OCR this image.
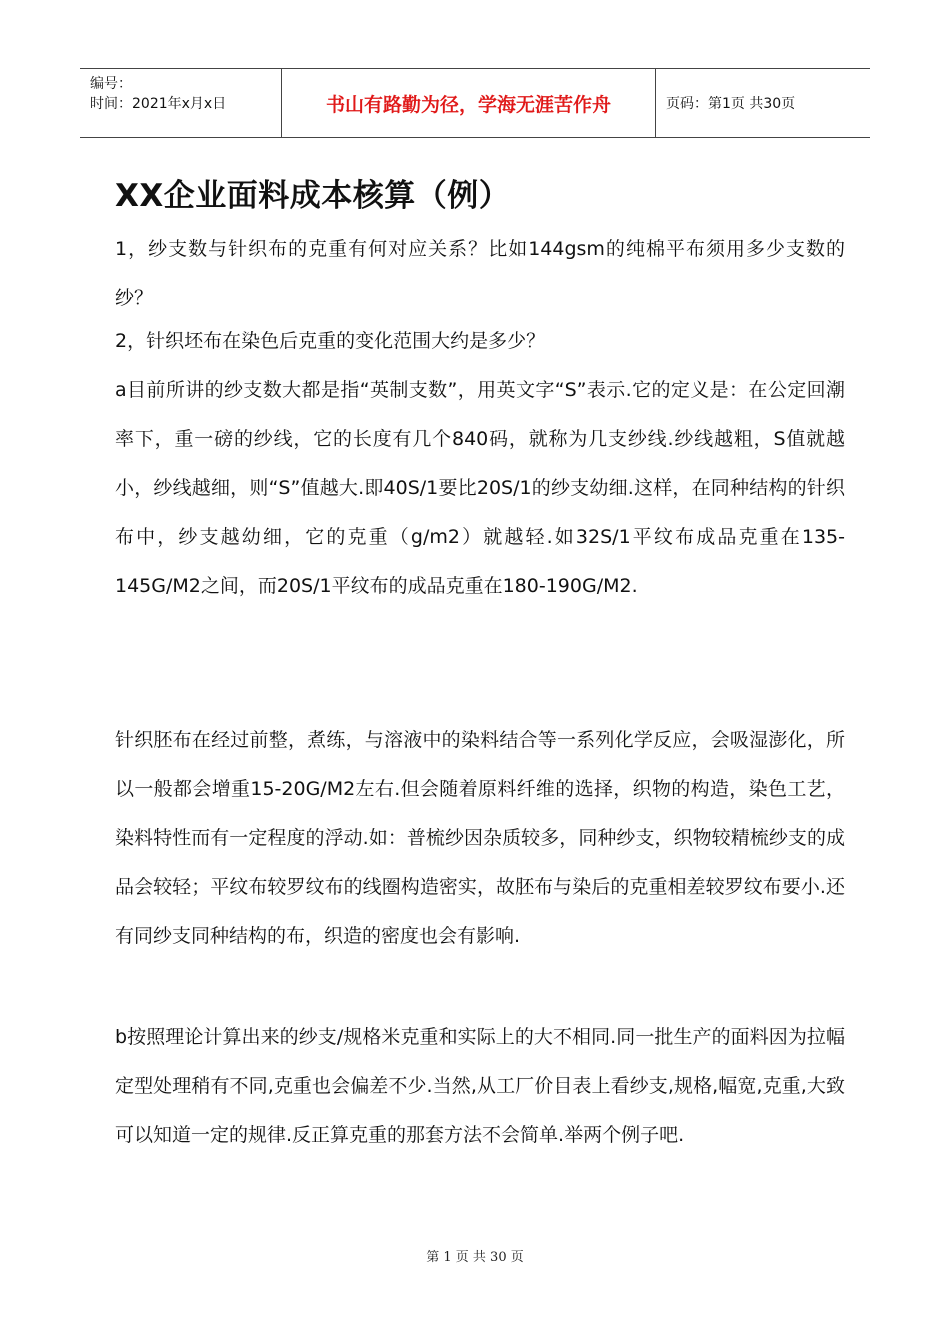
编号：
时间：2021年x月x日	书山有路勤为径，学海无涯苦作舟	页码：第1页 共30页
XX企业面料成本核算（例）

1，纱支数与针织布的克重有何对应关系？比如144gsm的纯棉平布须用多少支数的纱？

2，针织坯布在染色后克重的变化范围大约是多少？

a目前所讲的纱支数大都是指“英制支数”，用英文字“S”表示.它的定义是：在公定回潮率下，重一磅的纱线，它的长度有几个840码，就称为几支纱线.纱线越粗，S值就越小，纱线越细，则“S”值越大.即40S/1要比20S/1的纱支幼细.这样，在同种结构的针织布中，纱支越幼细，它的克重（g/m2）就越轻.如32S/1平纹布成品克重在135-145G/M2之间，而20S/1平纹布的成品克重在180-190G/M2.

针织胚布在经过前整，煮练，与溶液中的染料结合等一系列化学反应，会吸湿澎化，所以一般都会增重15-20G/M2左右.但会随着原料纤维的选择，织物的构造，染色工艺，染料特性而有一定程度的浮动.如：普梳纱因杂质较多，同种纱支，织物较精梳纱支的成品会较轻；平纹布较罗纹布的线圈构造密实，故胚布与染后的克重相差较罗纹布要小.还有同纱支同种结构的布，织造的密度也会有影响.

b按照理论计算出来的纱支/规格米克重和实际上的大不相同.同一批生产的面料因为拉幅定型处理稍有不同,克重也会偏差不少.当然,从工厂价目表上看纱支,规格,幅宽,克重,大致可以知道一定的规律.反正算克重的那套方法不会简单.举两个例子吧.

第 1 页 共 30 页
